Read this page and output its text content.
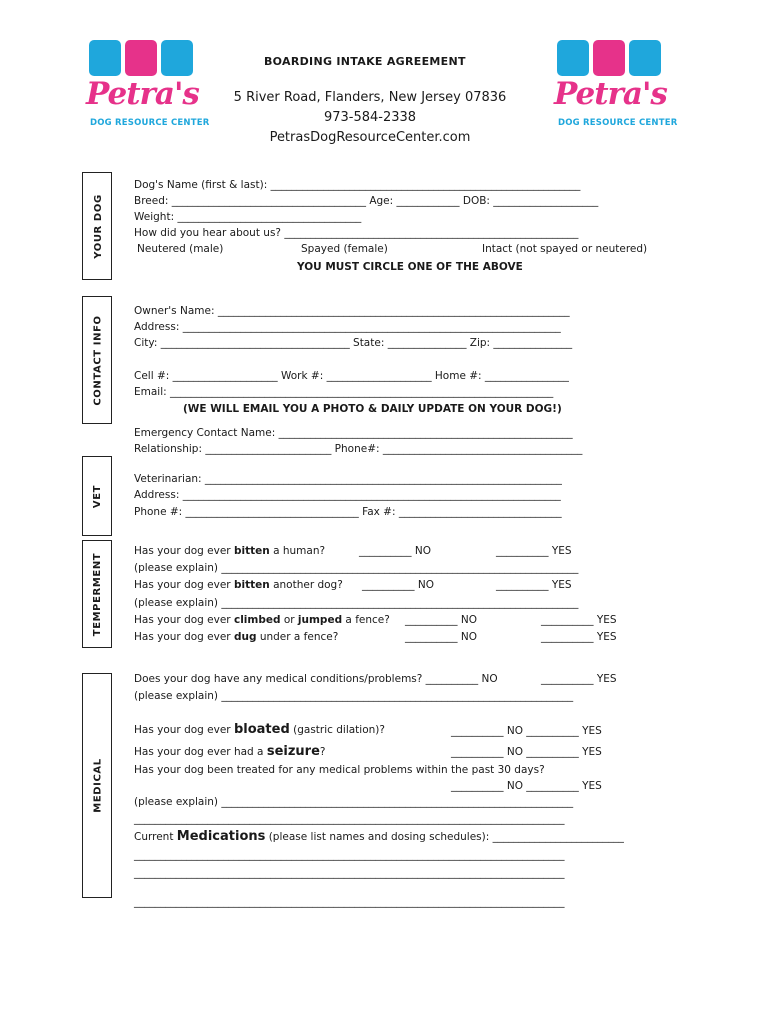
Petra's
DOG RESOURCE CENTER
Petra's
DOG RESOURCE CENTER
BOARDING INTAKE AGREEMENT
5 River Road, Flanders, New Jersey 07836
973-584-2338
PetrasDogResourceCenter.com
YOUR DOG
CONTACT INFO
VET
TEMPERMENT
MEDICAL
Dog's Name (first & last): ___________________________________________________________
Breed: _____________________________________ Age: ____________ DOB: ____________________
Weight: ___________________________________
How did you hear about us? ________________________________________________________
Neutered (male)	Spayed (female)	Intact (not spayed or neutered)
YOU MUST CIRCLE ONE OF THE ABOVE
Owner's Name: ___________________________________________________________________
Address: ________________________________________________________________________
City: ____________________________________ State: _______________ Zip: _______________
Cell #: ____________________ Work #: ____________________ Home #: ________________
Email: _________________________________________________________________________
(WE WILL EMAIL YOU A PHOTO & DAILY UPDATE ON YOUR DOG!)
Emergency Contact Name: ________________________________________________________
Relationship: ________________________ Phone#: ______________________________________
Veterinarian: ____________________________________________________________________
Address: ________________________________________________________________________
Phone #: _________________________________ Fax #: _______________________________
Has your dog ever bitten a human?	__________ NO	__________ YES
(please explain) ____________________________________________________________________
Has your dog ever bitten another dog? __________ NO	__________ YES
(please explain) ____________________________________________________________________
Has your dog ever climbed or jumped a fence? __________ NO	__________ YES
Has your dog ever dug under a fence?	__________ NO	__________ YES
Does your dog have any medical conditions/problems? __________ NO	__________ YES
(please explain) ___________________________________________________________________
Has your dog ever bloated (gastric dilation)?	__________ NO __________ YES
Has your dog ever had a seizure?	__________ NO __________ YES
Has your dog been treated for any medical problems within the past 30 days?
__________ NO __________ YES
(please explain) ___________________________________________________________________
__________________________________________________________________________________
Current Medications (please list names and dosing schedules): _________________________
__________________________________________________________________________________
__________________________________________________________________________________
__________________________________________________________________________________
